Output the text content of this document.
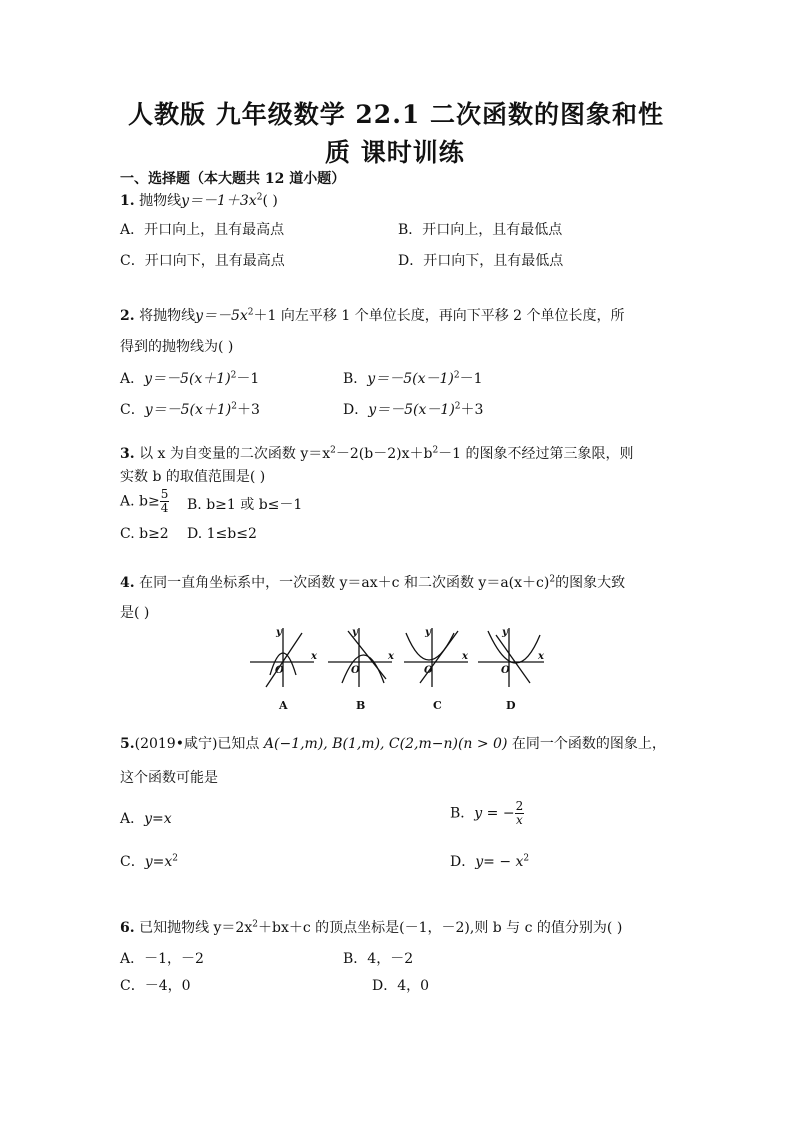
人教版 九年级数学 22.1 二次函数的图象和性
质 课时训练
一、选择题（本大题共 12 道小题）
1. 抛物线$y=-1+3x^2$( )
A．开口向上，且有最高点	B．开口向上，且有最低点
C．开口向下，且有最高点	D．开口向下，且有最低点
2. 将抛物线$y=-5x^2+1$ 向左平移 1 个单位长度，再向下平移 2 个单位长度，所
得到的抛物线为( )
A．$y=-5(x+1)^2-1$	B．$y=-5(x-1)^2-1$
C．$y=-5(x+1)^2+3$	D．$y=-5(x-1)^2+3$
3. 以 x 为自变量的二次函数 $y=x^2-2(b-2)x+b^2-1$ 的图象不经过第三象限，则
实数 b 的取值范围是( )
A. $b\ge \frac{5}{4} B$. b≥1 或 b≤－1
C. b≥2 D. 1≤b≤2
4. 在同一直角坐标系中，一次函数 y＝ax＋c 和二次函数 $y=a(x+c)^2$的图象大致
是( )
y
x
O
y
x
O
y
x
O
y
x
O
A	B	C	D
5.(2019•咸宁)已知点 A(−1,m), B(1,m), C(2,m−n)(n > 0) 在同一个函数的图象上，
这个函数可能是
A．y=x	B．y = − $\frac{2}{x}$
C．$y=x^2$	D．$y= - x^2$
6. 已知抛物线 $y=2x^2+bx+c$ 的顶点坐标是(－1，－2),则 b 与 c 的值分别为( )
A．－1，－2	B．4，－2
C．－4，0	D．4，0
